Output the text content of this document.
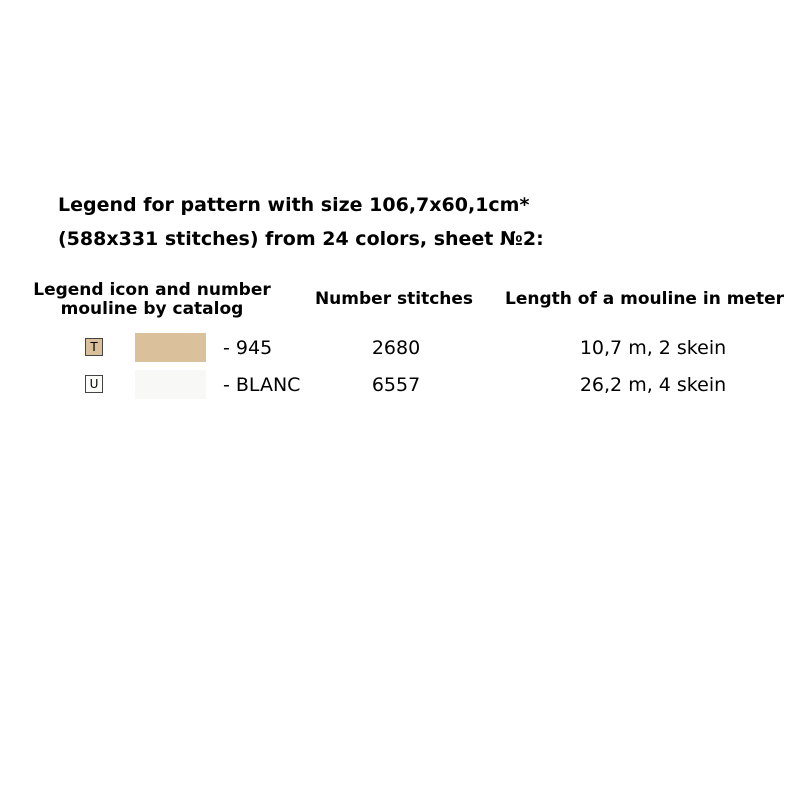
Legend for pattern with size 106,7x60,1cm*
(588x331 stitches) from 24 colors, sheet №2:
Legend icon and number
mouline by catalog	Number stitches	Length of a mouline in meter
T	- 945	2680	10,7 m, 2 skein
U	- BLANC	6557	26,2 m, 4 skein
